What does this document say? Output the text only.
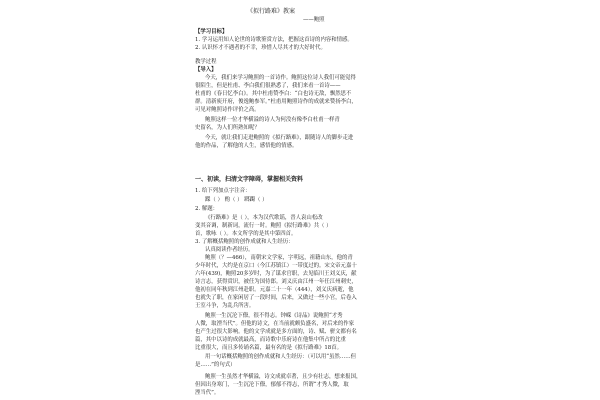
《拟行路难》教案
——鲍照
【学习目标】
1. 学习运用知人论世的诗歌鉴赏方法，把握这首诗的内容和情感。
2. 认识怀才不遇者的不幸，珍惜人尽其才的大好时代。
教学过程
【导入】
今天，我们来学习鲍照的一首诗作。鲍照这位诗人我们可能觉得
很陌生，但是杜甫、李白我们很熟悉了，我们来看一首诗——
杜甫的《春日忆李白》。其中杜甫赞李白：“白也诗无敌，飘然思不
群。清新庾开府，俊逸鲍参军。”杜甫用鲍照诗作的成就来赞扬李白，
可见对鲍照诗作评价之高。
鲍照这样一位才华横溢的诗人为何没有像李白杜甫一样青
史留名，为人们所熟知呢？
今天，就让我们走进鲍照的《拟行路难》，跟随诗人的脚步走进
他的作品，了解他的人生，感悟他的情感。
一、初读，扫清文字障碍，掌握相关资料
1. 给下列加点字注音：
蹀（ ） 酌（ ） 踯躅（ ）
2. 解题：
《行路难》是（ ），本为汉代歌谣，晋人袁山松改
变其音调，制新词，流行一时。鲍照《拟行路难》共（ ）
首，歌咏（ ）。本文所学的是其中第四首。
3. 了解概括鲍照的创作成就和人生经历：
认真阅读作者经历。
鲍照（？—466），南朝宋文学家，字明远，祖籍山东，他的青
少年时代，大约是在京口（今江苏镇江）一带度过的。宋文帝元嘉十
六年(439)，鲍照20多岁时，为了谋求官职，去见临川王刘义庆，献
诗言志，获得赏识，被任为国侍郎。刘义庆由江州一年任江州刺史，
他初在同年秋到江州赴职。元嘉二十一年（444），刘义庆病逝，他
也就失了职，在家闲居了一段时间，后来，又做过一些小官，后卷入
王室斗争，为乱兵所害。
鲍照一生沉沦下僚，很不得志。钟嵘《诗品》说鲍照“才秀
人微，取湮当代”。但他的诗文，在当前就颇负盛名，对后来的作家
也产生过很大影响。他的文学成就是多方面的，诗、赋、骈文都有名
篇，其中以诗的成就最高，而诗歌中乐府诗在他集中所占的比重
比重很大，而且多传诵名篇，最有名的是《拟行路难》18首。
用一句话概括鲍照的创作成就和人生经历：（可以用“虽然……但
是……”的句式）
鲍照一生虽然才华横溢，诗文成就卓著，且少有壮志，想来报国，
但因出身寒门，一生沉沦下僚，郁郁不得志，所谓“才秀人微，取
湮当代”。
